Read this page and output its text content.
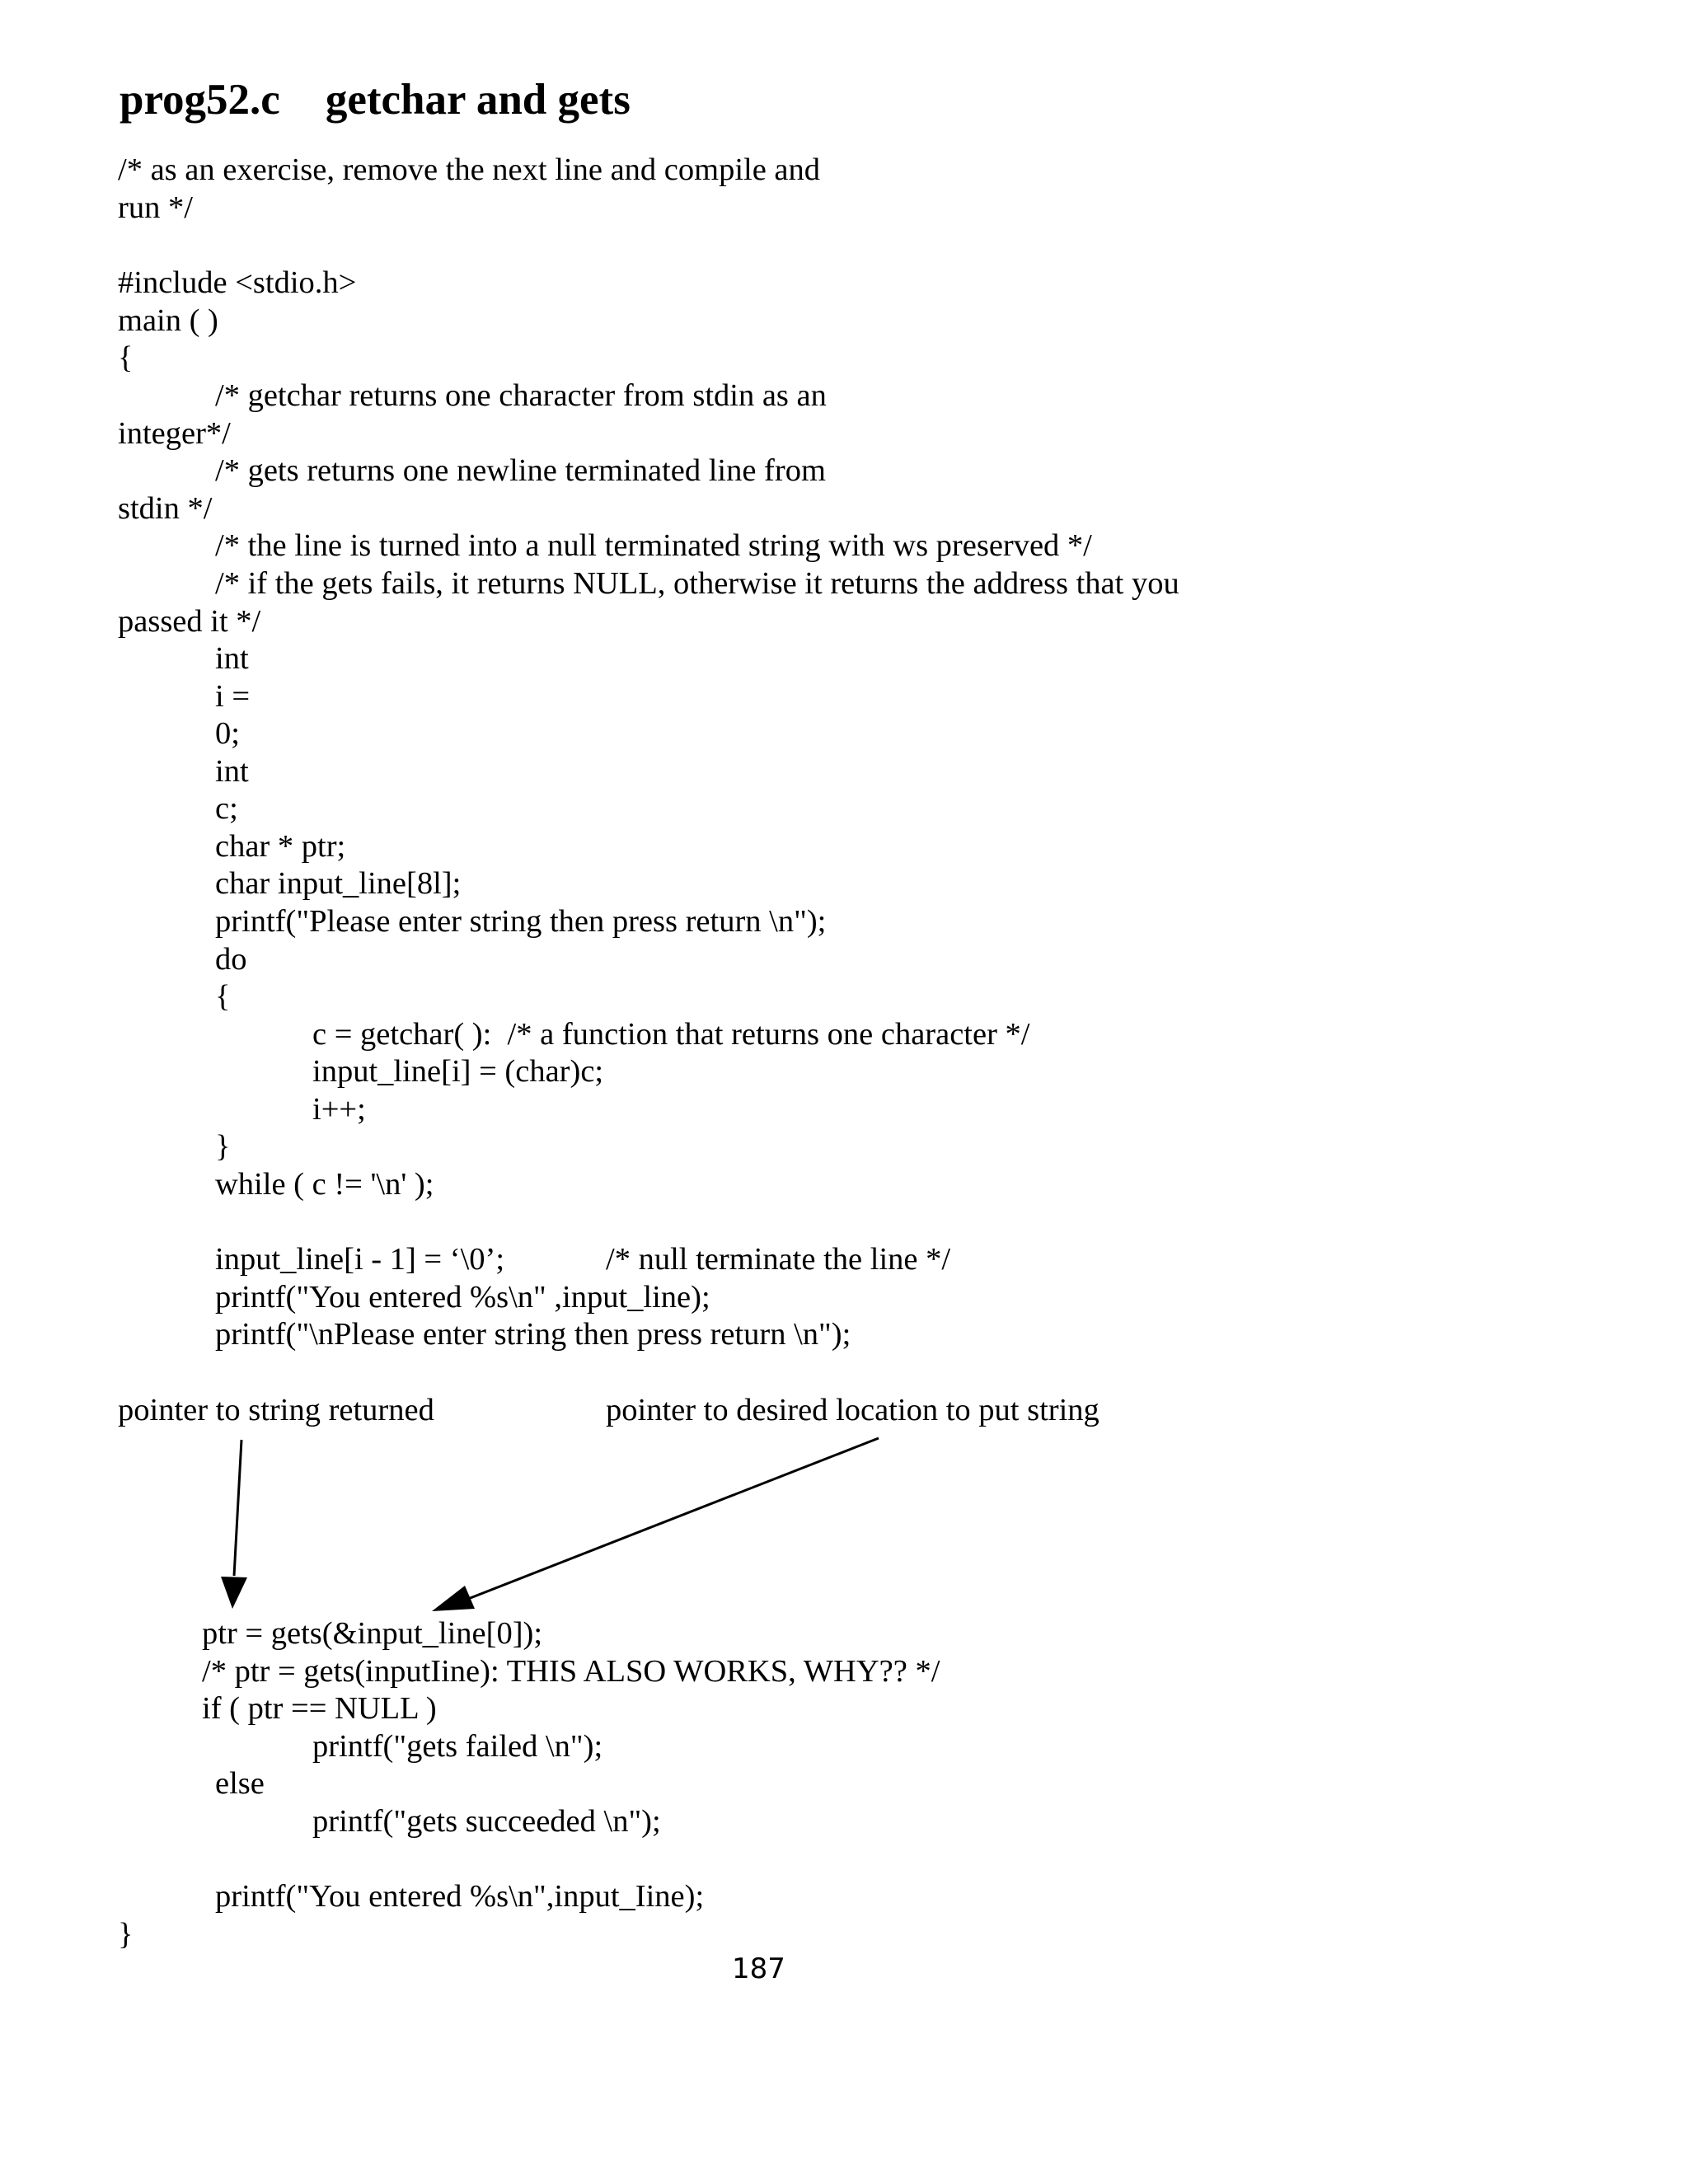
prog52.c getchar and gets
/* as an exercise, remove the next line and compile and
run */
#include <stdio.h>
main ( )
{
/* getchar returns one character from stdin as an
integer*/
/* gets returns one newline terminated line from
stdin */
/* the line is turned into a null terminated string with ws preserved */
/* if the gets fails, it returns NULL, otherwise it returns the address that you
passed it */
int
i =
0;
int
c;
char * ptr;
char input_line[8l];
printf("Please enter string then press return \n");
do
{
c = getchar( ):  /* a function that returns one character */
input_line[i] = (char)c;
i++;
}
while ( c != '\n' );
input_line[i - 1] = ‘\0’;	/* null terminate the line */
printf("You entered %s\n" ,input_line);
printf("\nPlease enter string then press return \n");
pointer to string returned	pointer to desired location to put string
ptr = gets(&input_line[0]);
/* ptr = gets(inputIine): THIS ALSO WORKS, WHY?? */
if ( ptr == NULL )
printf("gets failed \n");
else
printf("gets succeeded \n");
printf("You entered %s\n",input_Iine);
}
187
